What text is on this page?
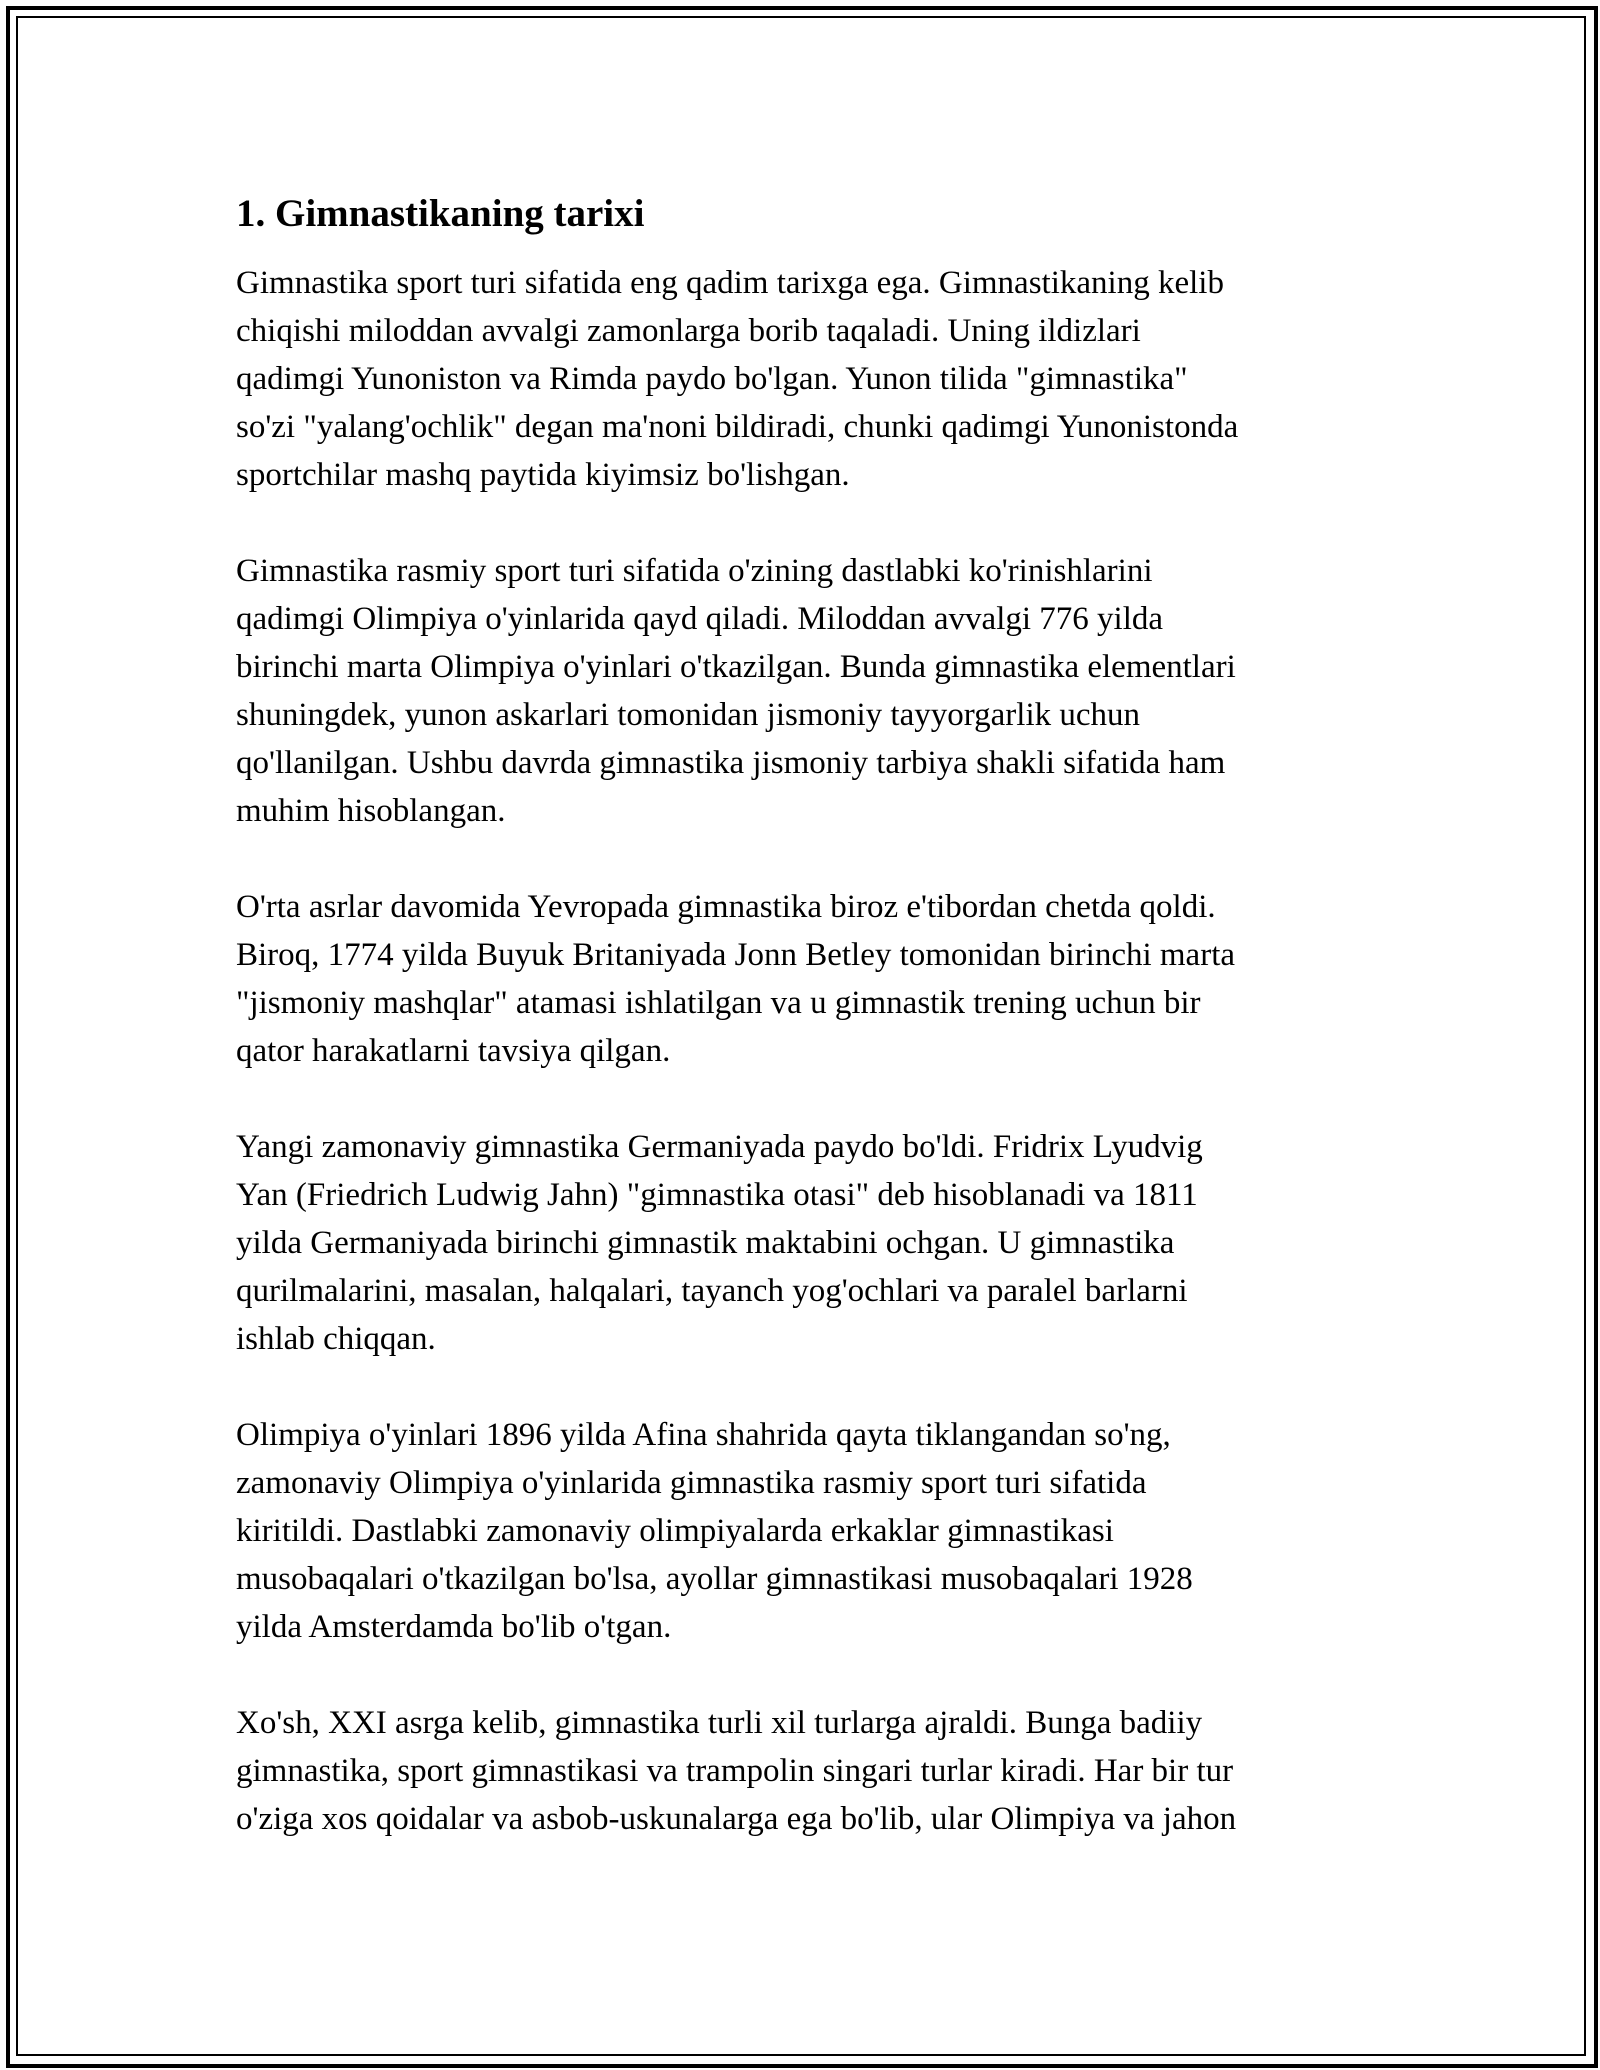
1. Gimnastikaning tarixi
Gimnastika sport turi sifatida eng qadim tarixga ega. Gimnastikaning kelib
chiqishi miloddan avvalgi zamonlarga borib taqaladi. Uning ildizlari
qadimgi Yunoniston va Rimda paydo bo'lgan. Yunon tilida "gimnastika"
so'zi "yalang'ochlik" degan ma'noni bildiradi, chunki qadimgi Yunonistonda
sportchilar mashq paytida kiyimsiz bo'lishgan.
Gimnastika rasmiy sport turi sifatida o'zining dastlabki ko'rinishlarini
qadimgi Olimpiya o'yinlarida qayd qiladi. Miloddan avvalgi 776 yilda
birinchi marta Olimpiya o'yinlari o'tkazilgan. Bunda gimnastika elementlari
shuningdek, yunon askarlari tomonidan jismoniy tayyorgarlik uchun
qo'llanilgan. Ushbu davrda gimnastika jismoniy tarbiya shakli sifatida ham
muhim hisoblangan.
O'rta asrlar davomida Yevropada gimnastika biroz e'tibordan chetda qoldi.
Biroq, 1774 yilda Buyuk Britaniyada Jonn Betley tomonidan birinchi marta
"jismoniy mashqlar" atamasi ishlatilgan va u gimnastik trening uchun bir
qator harakatlarni tavsiya qilgan.
Yangi zamonaviy gimnastika Germaniyada paydo bo'ldi. Fridrix Lyudvig
Yan (Friedrich Ludwig Jahn) "gimnastika otasi" deb hisoblanadi va 1811
yilda Germaniyada birinchi gimnastik maktabini ochgan. U gimnastika
qurilmalarini, masalan, halqalari, tayanch yog'ochlari va paralel barlarni
ishlab chiqqan.
Olimpiya o'yinlari 1896 yilda Afina shahrida qayta tiklangandan so'ng,
zamonaviy Olimpiya o'yinlarida gimnastika rasmiy sport turi sifatida
kiritildi. Dastlabki zamonaviy olimpiyalarda erkaklar gimnastikasi
musobaqalari o'tkazilgan bo'lsa, ayollar gimnastikasi musobaqalari 1928
yilda Amsterdamda bo'lib o'tgan.
Xo'sh, XXI asrga kelib, gimnastika turli xil turlarga ajraldi. Bunga badiiy
gimnastika, sport gimnastikasi va trampolin singari turlar kiradi. Har bir tur
o'ziga xos qoidalar va asbob-uskunalarga ega bo'lib, ular Olimpiya va jahon
